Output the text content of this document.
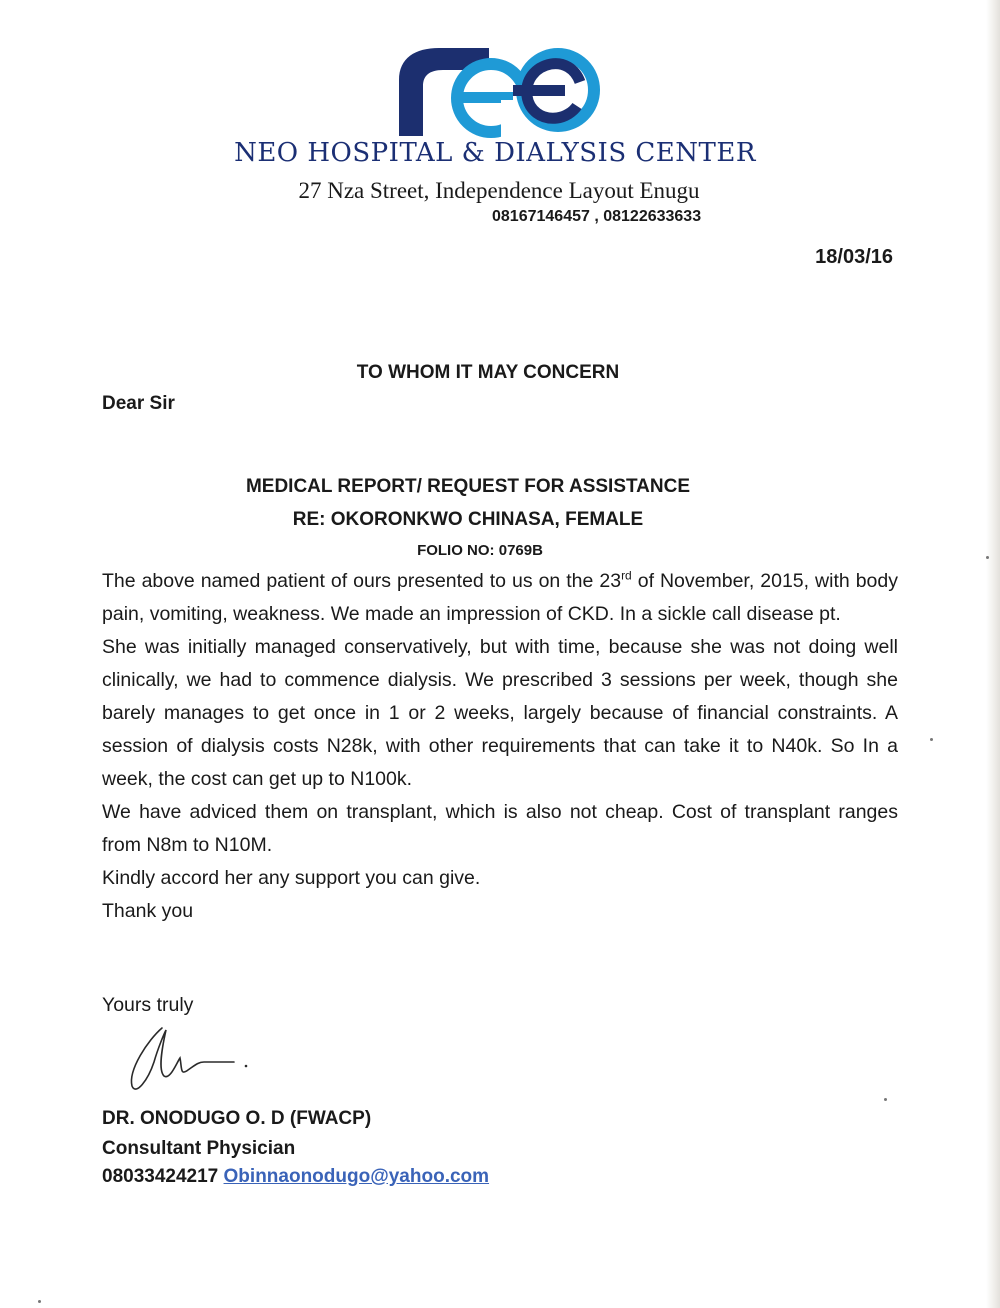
NEO HOSPITAL & DIALYSIS CENTER
27 Nza Street, Independence Layout Enugu
08167146457 , 08122633633
18/03/16
TO WHOM IT MAY CONCERN
Dear Sir
MEDICAL REPORT/ REQUEST FOR ASSISTANCE
RE: OKORONKWO CHINASA, FEMALE
FOLIO NO: 0769B

The above named patient of ours presented to us on the 23rd of November, 2015, with body pain, vomiting, weakness. We made an impression of CKD. In a sickle call disease pt.

She was initially managed conservatively, but with time, because she was not doing well clinically, we had to commence dialysis. We prescribed 3 sessions per week, though she barely manages to get once in 1 or 2 weeks, largely because of financial constraints. A session of dialysis costs N28k, with other requirements that can take it to N40k. So In a week, the cost can get up to N100k.

We have adviced them on transplant, which is also not cheap. Cost of transplant ranges from N8m to N10M.

Kindly accord her any support you can give.

Thank you

Yours truly
DR. ONODUGO O. D (FWACP)
Consultant Physician
08033424217 Obinnaonodugo@yahoo.com
